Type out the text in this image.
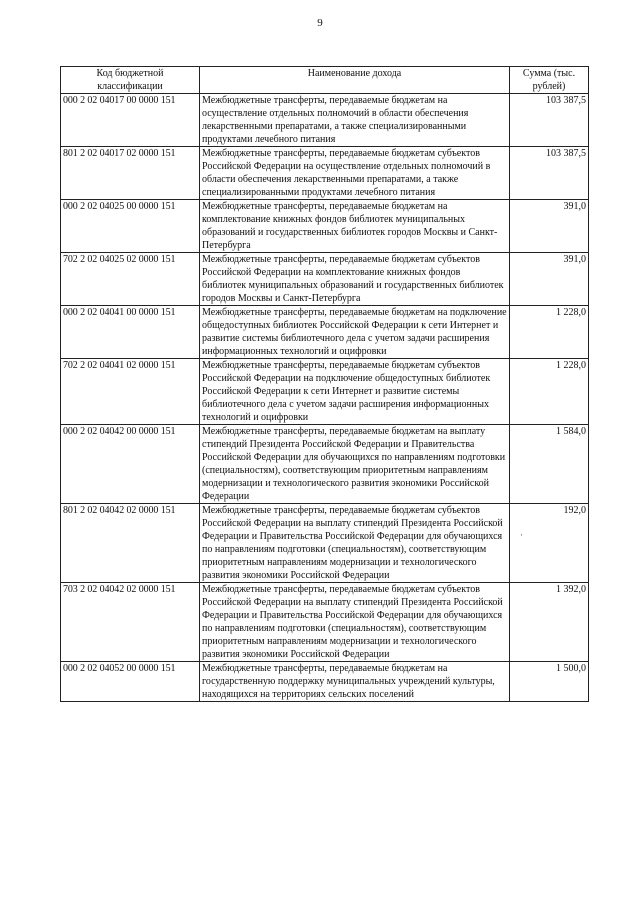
9
Код бюджетной классификации	Наименование дохода	Сумма (тыс. рублей)
000 2 02 04017 00 0000 151	Межбюджетные трансферты, передаваемые бюджетам на осуществление отдельных полномочий в области обеспечения лекарственными препаратами, а также специализированными продуктами лечебного питания	103 387,5
801 2 02 04017 02 0000 151	Межбюджетные трансферты, передаваемые бюджетам субъектов Российской Федерации на осуществление отдельных полномочий в области обеспечения лекарственными препаратами, а также специализированными продуктами лечебного питания	103 387,5
000 2 02 04025 00 0000 151	Межбюджетные трансферты, передаваемые бюджетам на комплектование книжных фондов библиотек муниципальных образований и государственных библиотек городов Москвы и Санкт-Петербурга	391,0
702 2 02 04025 02 0000 151	Межбюджетные трансферты, передаваемые бюджетам субъектов Российской Федерации на комплектование книжных фондов библиотек муниципальных образований и государственных библиотек городов Москвы и Санкт-Петербурга	391,0
000 2 02 04041 00 0000 151	Межбюджетные трансферты, передаваемые бюджетам на подключение общедоступных библиотек Российской Федерации к сети Интернет и развитие системы библиотечного дела с учетом задачи расширения информационных технологий и оцифровки	1 228,0
702 2 02 04041 02 0000 151	Межбюджетные трансферты, передаваемые бюджетам субъектов Российской Федерации на подключение общедоступных библиотек Российской Федерации к сети Интернет и развитие системы библиотечного дела с учетом задачи расширения информационных технологий и оцифровки	1 228,0
000 2 02 04042 00 0000 151	Межбюджетные трансферты, передаваемые бюджетам на выплату стипендий Президента Российской Федерации и Правительства Российской Федерации для обучающихся по направлениям подготовки (специальностям), соответствующим приоритетным направлениям модернизации и технологического развития экономики Российской Федерации	1 584,0
801 2 02 04042 02 0000 151	Межбюджетные трансферты, передаваемые бюджетам субъектов Российской Федерации на выплату стипендий Президента Российской Федерации и Правительства Российской Федерации для обучающихся по направлениям подготовки (специальностям), соответствующим приоритетным направлениям модернизации и технологического развития экономики Российской Федерации	192,0
703 2 02 04042 02 0000 151	Межбюджетные трансферты, передаваемые бюджетам субъектов Российской Федерации на выплату стипендий Президента Российской Федерации и Правительства Российской Федерации для обучающихся по направлениям подготовки (специальностям), соответствующим приоритетным направлениям модернизации и технологического развития экономики Российской Федерации	1 392,0
000 2 02 04052 00 0000 151	Межбюджетные трансферты, передаваемые бюджетам на государственную поддержку муниципальных учреждений культуры, находящихся на территориях сельских поселений	1 500,0
·
